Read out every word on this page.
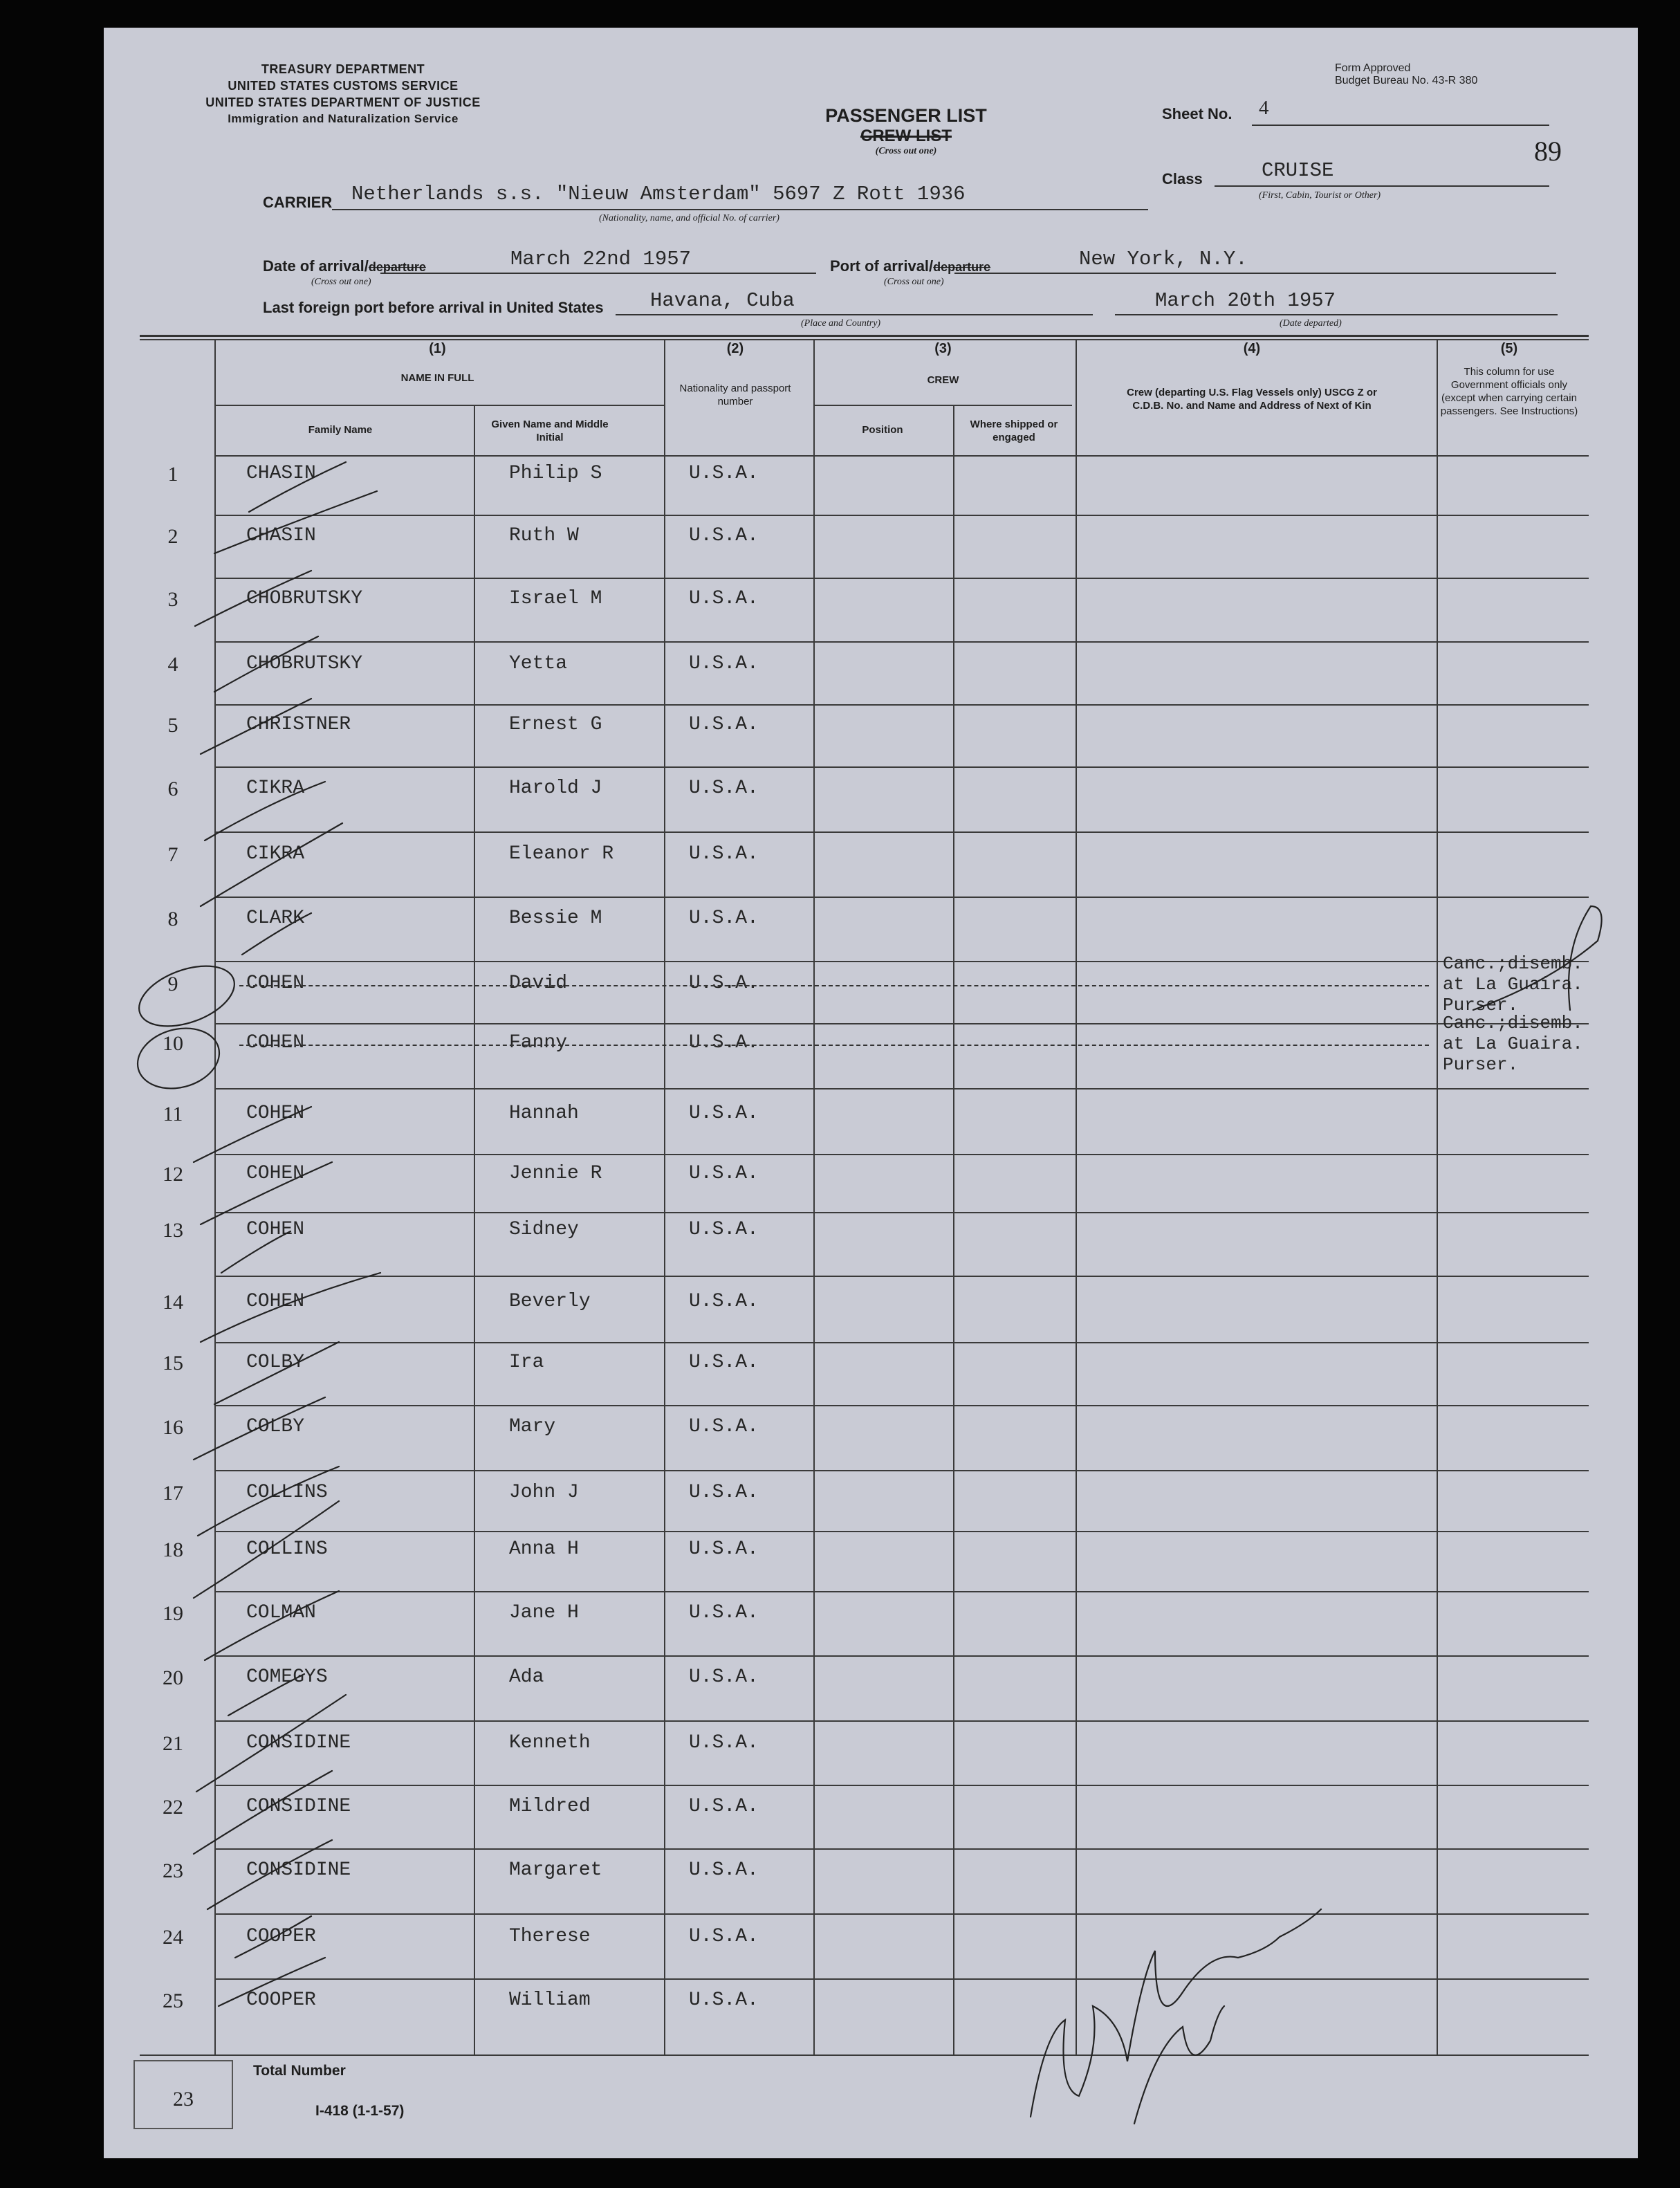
TREASURY DEPARTMENT
UNITED STATES CUSTOMS SERVICE
UNITED STATES DEPARTMENT OF JUSTICE
Immigration and Naturalization Service	PASSENGER LIST
CREW LIST
(Cross out one)
Form Approved
Budget Bureau No. 43-R 380
Sheet No. 4
89
Class	CRUISE
(First, Cabin, Tourist or Other)
CARRIER Netherlands s.s. "Nieuw Amsterdam" 5697 Z Rott 1936
(Nationality, name, and official No. of carrier)
Date of arrival/departure	March 22nd 1957
(Cross out one)
Port of arrival/departure	New York, N.Y.
(Cross out one)
Last foreign port before arrival in United States Havana, Cuba
(Place and Country)
March 20th 1957
(Date departed)
(1)
NAME IN FULL
Family Name	Given Name and Middle Initial
(2)
Nationality and passport number
(3)
CREW
Position	Where shipped or engaged
(4)
Crew (departing U.S. Flag Vessels only) USCG Z or C.D.B. No. and Name and Address of Next of Kin
(5)
This column for use Government officials only (except when carrying certain passengers. See Instructions)
1	CHASIN	Philip S	U.S.A.
2	CHASIN	Ruth W	U.S.A.
3	CHOBRUTSKY	Israel M	U.S.A.
4	CHOBRUTSKY	Yetta	U.S.A.
5	CHRISTNER	Ernest G	U.S.A.
6	CIKRA	Harold J	U.S.A.
7	CIKRA	Eleanor R	U.S.A.
8	CLARK	Bessie M	U.S.A.
9	COHEN	David	U.S.A.
Canc.;disemb.
at La Guaira.
Purser.
10	COHEN	Fanny	U.S.A.
Canc.;disemb.
at La Guaira.
Purser.
11	COHEN	Hannah	U.S.A.
12	COHEN	Jennie R	U.S.A.
13	COHEN	Sidney	U.S.A.
14	COHEN	Beverly	U.S.A.
15	COLBY	Ira	U.S.A.
16	COLBY	Mary	U.S.A.
17	COLLINS	John J	U.S.A.
18	COLLINS	Anna H	U.S.A.
19	COLMAN	Jane H	U.S.A.
20	COMEGYS	Ada	U.S.A.
21	CONSIDINE	Kenneth	U.S.A.
22	CONSIDINE	Mildred	U.S.A.
23	CONSIDINE	Margaret	U.S.A.
24	COOPER	Therese	U.S.A.
25	COOPER	William	U.S.A.
23
Total Number
I-418 (1-1-57)
